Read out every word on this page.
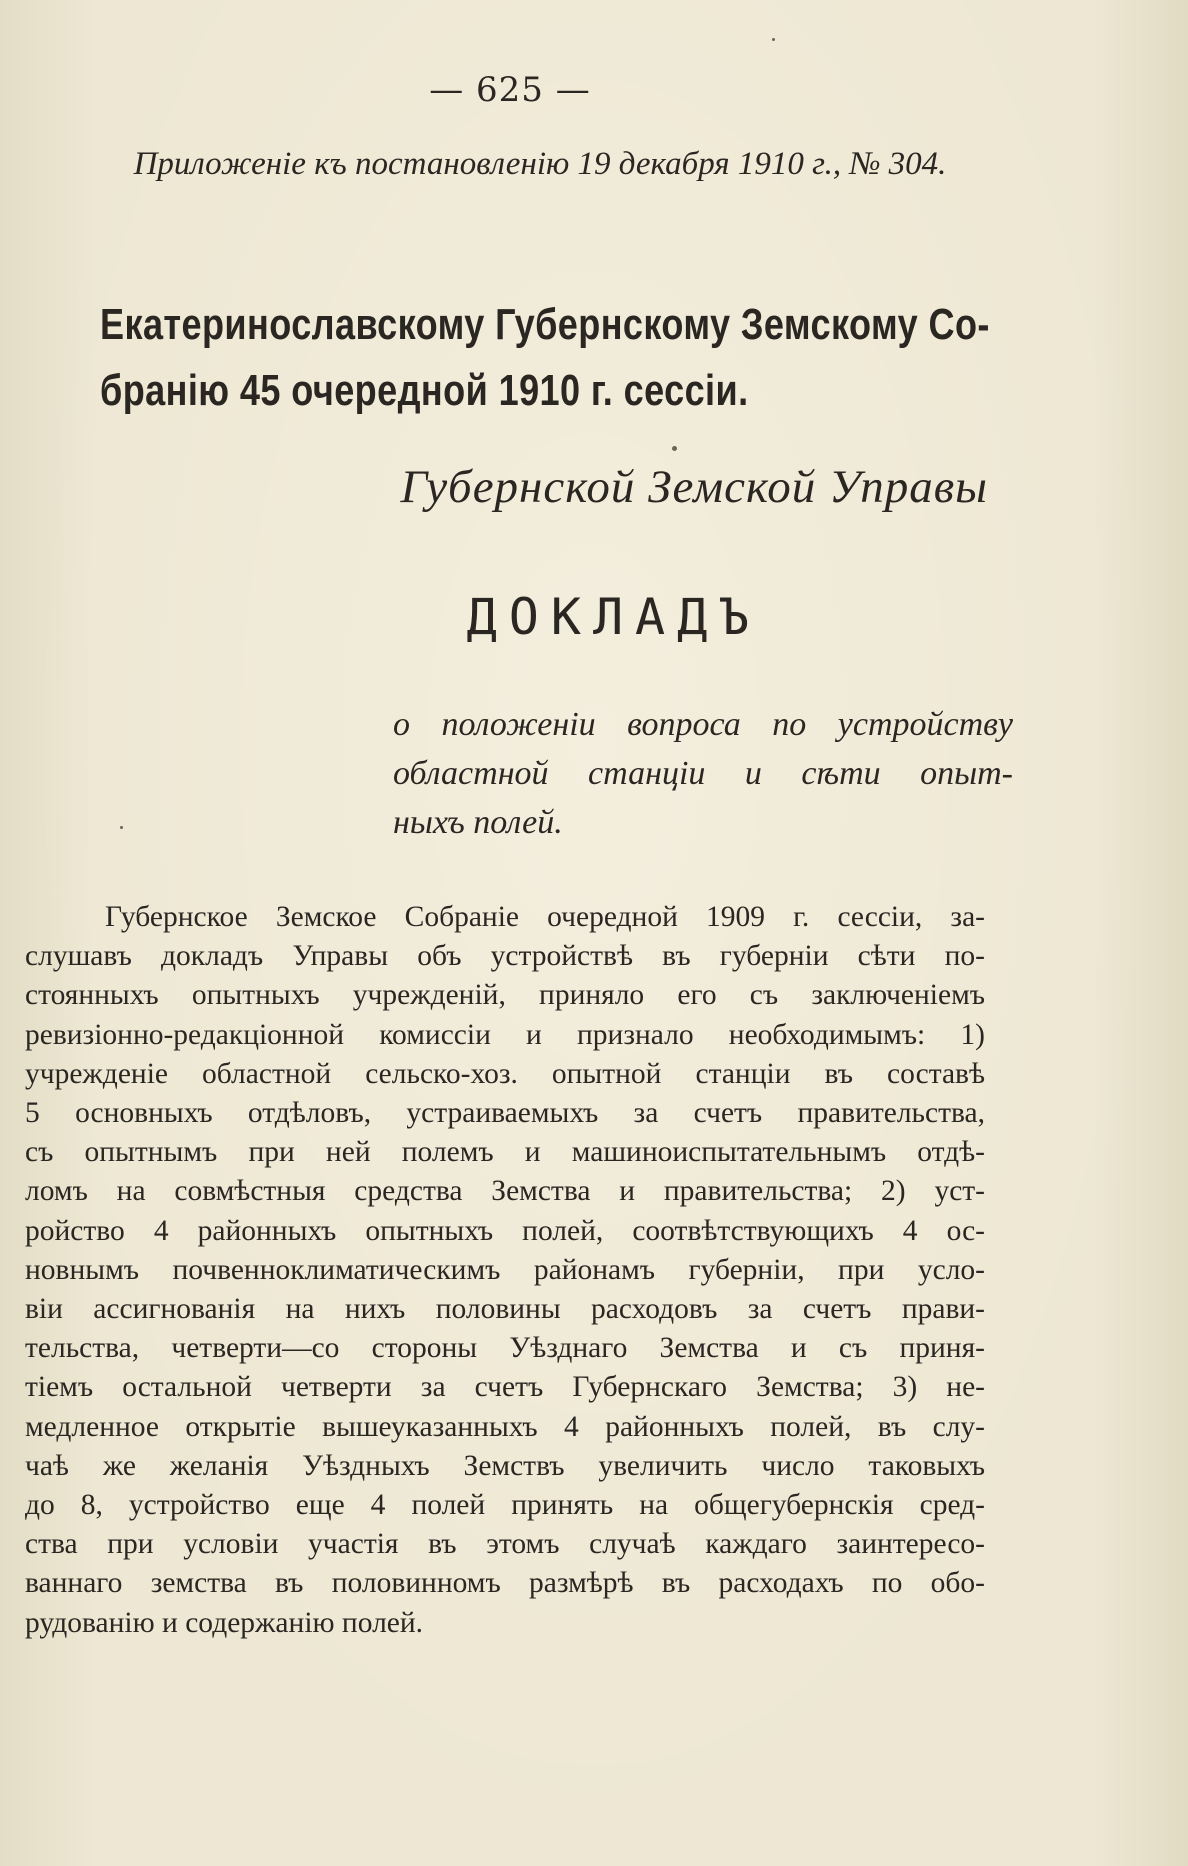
— 625 —
Приложеніе къ постановленію 19 декабря 1910 г., № 304.
Екатеринославскому Губернскому Земскому Со-
бранію 45 очередной 1910 г. сессіи.
Губернской Земской Управы
ДОКЛАДЪ
о положеніи вопроса по устройству
областной станціи и сѣти опыт-
ныхъ полей.
Губернское Земское Собраніе очередной 1909 г. сессіи, за-
слушавъ докладъ Управы объ устройствѣ въ губерніи сѣти по-
стоянныхъ опытныхъ учрежденій, приняло его съ заключеніемъ
ревизіонно-редакціонной комиссіи и признало необходимымъ: 1)
учрежденіе областной сельско-хоз. опытной станціи въ составѣ
5 основныхъ отдѣловъ, устраиваемыхъ за счетъ правительства,
съ опытнымъ при ней полемъ и машиноиспытательнымъ отдѣ-
ломъ на совмѣстныя средства Земства и правительства; 2) уст-
ройство 4 районныхъ опытныхъ полей, соотвѣтствующихъ 4 ос-
новнымъ почвенноклиматическимъ районамъ губерніи, при усло-
віи ассигнованія на нихъ половины расходовъ за счетъ прави-
тельства, четверти—со стороны Уѣзднаго Земства и съ приня-
тіемъ остальной четверти за счетъ Губернскаго Земства; 3) не-
медленное открытіе вышеуказанныхъ 4 районныхъ полей, въ слу-
чаѣ же желанія Уѣздныхъ Земствъ увеличить число таковыхъ
до 8, устройство еще 4 полей принять на общегубернскія сред-
ства при условіи участія въ этомъ случаѣ каждаго заинтересо-
ваннаго земства въ половинномъ размѣрѣ въ расходахъ по обо-
рудованію и содержанію полей.
